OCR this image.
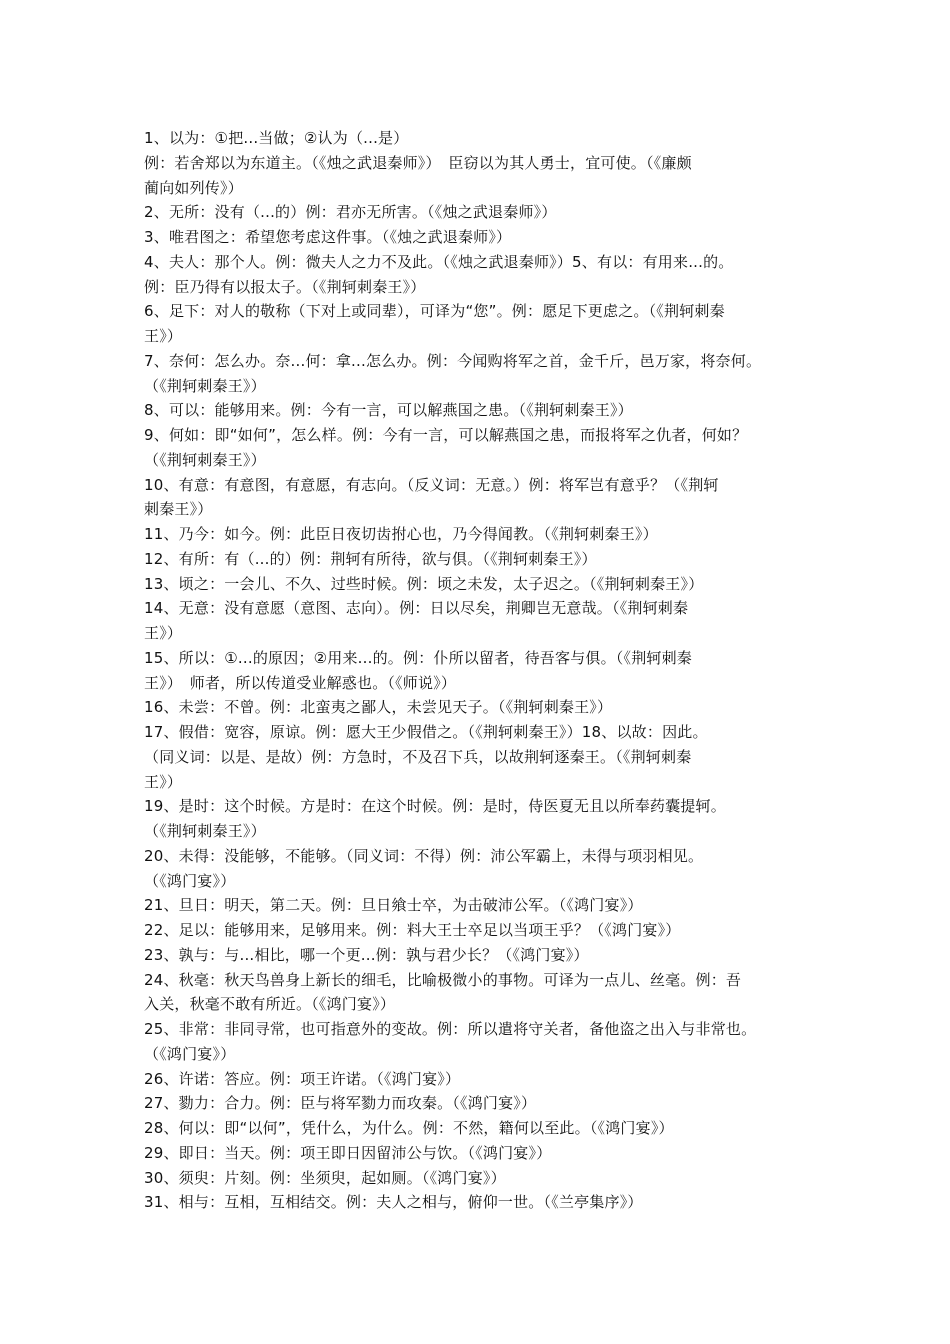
1、以为：①把...当做；②认为（...是）

例：若舍郑以为东道主。（《烛之武退秦师》）　臣窃以为其人勇士，宜可使。（《廉颇

蔺向如列传》）

2、无所：没有（...的）例：君亦无所害。（《烛之武退秦师》）

3、唯君图之：希望您考虑这件事。（《烛之武退秦师》）

4、夫人：那个人。例：微夫人之力不及此。（《烛之武退秦师》）5、有以：有用来...的。

例：臣乃得有以报太子。（《荆轲刺秦王》）

6、足下：对人的敬称（下对上或同辈），可译为“您”。例：愿足下更虑之。（《荆轲刺秦

王》）

7、奈何：怎么办。奈...何：拿...怎么办。例：今闻购将军之首，金千斤，邑万家，将奈何。

（《荆轲刺秦王》）

8、可以：能够用来。例：今有一言，可以解燕国之患。（《荆轲刺秦王》）

9、何如：即“如何”，怎么样。例：今有一言，可以解燕国之患，而报将军之仇者，何如？

（《荆轲刺秦王》）

10、有意：有意图，有意愿，有志向。（反义词：无意。）例：将军岂有意乎？（《荆轲

刺秦王》）

11、乃今：如今。例：此臣日夜切齿拊心也，乃今得闻教。（《荆轲刺秦王》）

12、有所：有（...的）例：荆轲有所待，欲与俱。（《荆轲刺秦王》）

13、顷之：一会儿、不久、过些时候。例：顷之未发，太子迟之。（《荆轲刺秦王》）

14、无意：没有意愿（意图、志向）。例：日以尽矣，荆卿岂无意哉。（《荆轲刺秦

王》）

15、所以：①...的原因；②用来...的。例：仆所以留者，待吾客与俱。（《荆轲刺秦

王》）　师者，所以传道受业解惑也。（《师说》）

16、未尝：不曾。例：北蛮夷之鄙人，未尝见天子。（《荆轲刺秦王》）

17、假借：宽容，原谅。例：愿大王少假借之。（《荆轲刺秦王》）18、以故：因此。

（同义词：以是、是故）例：方急时，不及召下兵，以故荆轲逐秦王。（《荆轲刺秦

王》）

19、是时：这个时候。方是时：在这个时候。例：是时，侍医夏无且以所奉药囊提轲。

（《荆轲刺秦王》）

20、未得：没能够，不能够。（同义词：不得）例：沛公军霸上，未得与项羽相见。

（《鸿门宴》）

21、旦日：明天，第二天。例：旦日飨士卒，为击破沛公军。（《鸿门宴》）

22、足以：能够用来，足够用来。例：料大王士卒足以当项王乎？（《鸿门宴》）

23、孰与：与...相比，哪一个更...例：孰与君少长？（《鸿门宴》）

24、秋毫：秋天鸟兽身上新长的细毛，比喻极微小的事物。可译为一点儿、丝毫。例：吾

入关，秋毫不敢有所近。（《鸿门宴》）

25、非常：非同寻常，也可指意外的变故。例：所以遣将守关者，备他盗之出入与非常也。

（《鸿门宴》）

26、许诺：答应。例：项王许诺。（《鸿门宴》）

27、勠力：合力。例：臣与将军勠力而攻秦。（《鸿门宴》）

28、何以：即“以何”，凭什么，为什么。例：不然，籍何以至此。（《鸿门宴》）

29、即日：当天。例：项王即日因留沛公与饮。（《鸿门宴》）

30、须臾：片刻。例：坐须臾，起如厕。（《鸿门宴》）

31、相与：互相，互相结交。例：夫人之相与，俯仰一世。（《兰亭集序》）
